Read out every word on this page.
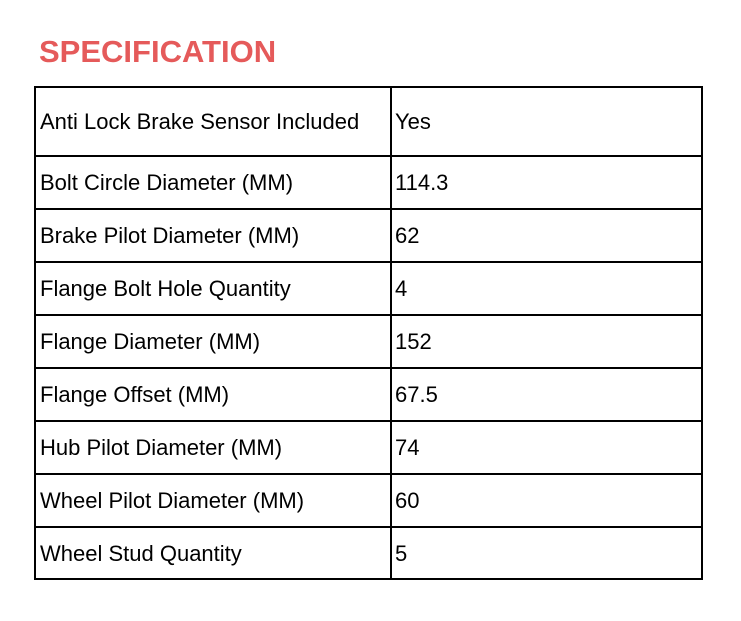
SPECIFICATION
Anti Lock Brake Sensor Included	Yes
Bolt Circle Diameter (MM)	114.3
Brake Pilot Diameter (MM)	62
Flange Bolt Hole Quantity	4
Flange Diameter (MM)	152
Flange Offset (MM)	67.5
Hub Pilot Diameter (MM)	74
Wheel Pilot Diameter (MM)	60
Wheel Stud Quantity	5
